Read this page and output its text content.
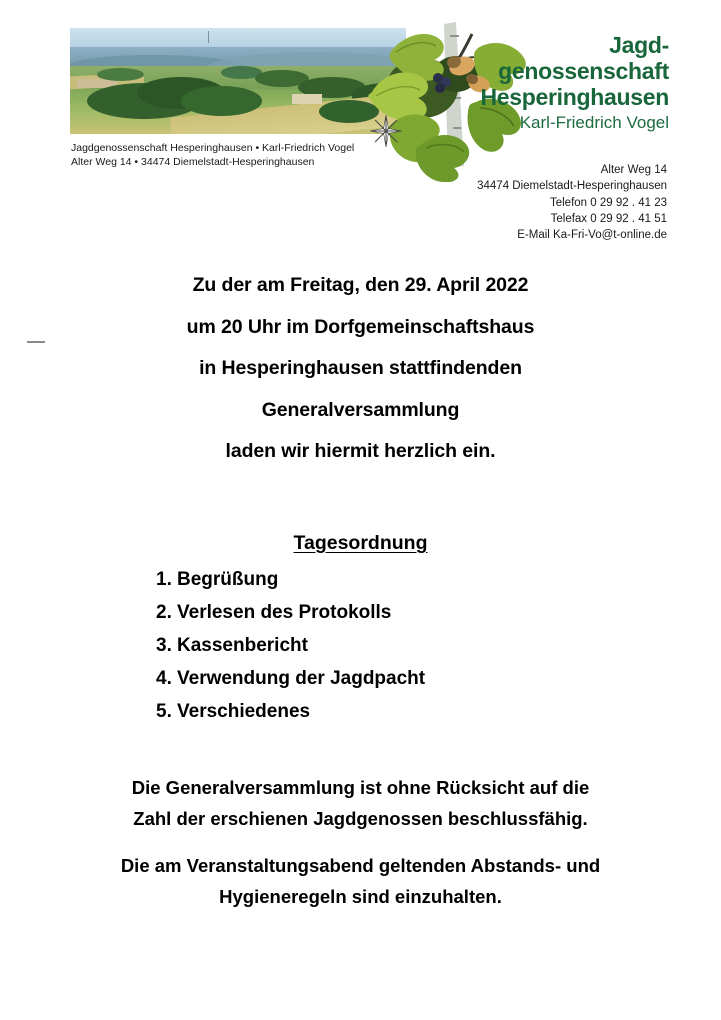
Jagd-
genossenschaft
Hesperinghausen
Karl-Friedrich Vogel
Jagdgenossenschaft Hesperinghausen • Karl-Friedrich Vogel
Alter Weg 14 • 34474 Diemelstadt-Hesperinghausen
Alter Weg 14
34474 Diemelstadt-Hesperinghausen
Telefon 0 29 92 . 41 23
Telefax 0 29 92 . 41 51
E-Mail Ka-Fri-Vo@t-online.de
Zu der am Freitag, den 29. April 2022
um 20 Uhr im Dorfgemeinschaftshaus
in Hesperinghausen stattfindenden
Generalversammlung
laden wir hiermit herzlich ein.
Tagesordnung
1. Begrüßung
2. Verlesen des Protokolls
3. Kassenbericht
4. Verwendung der Jagdpacht
5. Verschiedenes

Die Generalversammlung ist ohne Rücksicht auf die
Zahl der erschienen Jagdgenossen beschlussfähig.

Die am Veranstaltungsabend geltenden Abstands- und
Hygieneregeln sind einzuhalten.
